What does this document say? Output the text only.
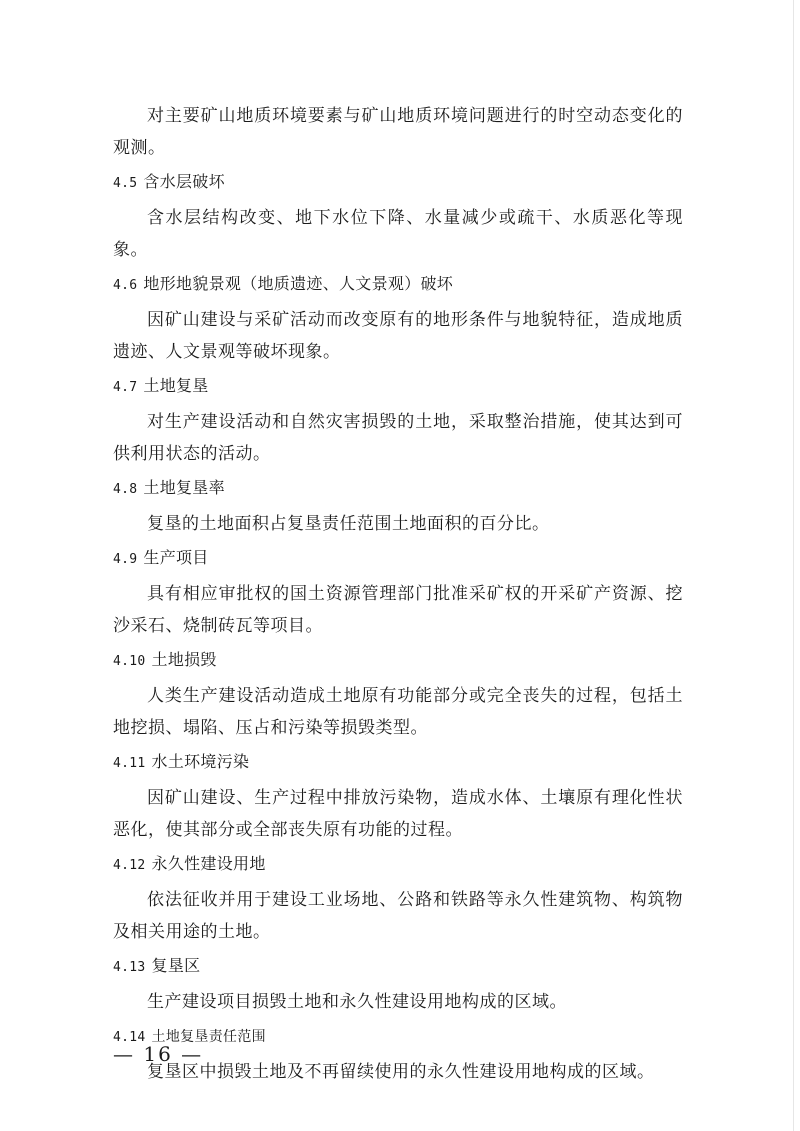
对主要矿山地质环境要素与矿山地质环境问题进行的时空动态变化的观测。

4.5 含水层破坏

含水层结构改变、地下水位下降、水量减少或疏干、水质恶化等现象。

4.6 地形地貌景观（地质遗迹、人文景观）破坏

因矿山建设与采矿活动而改变原有的地形条件与地貌特征，造成地质遗迹、人文景观等破坏现象。

4.7 土地复垦

对生产建设活动和自然灾害损毁的土地，采取整治措施，使其达到可供利用状态的活动。

4.8 土地复垦率

复垦的土地面积占复垦责任范围土地面积的百分比。

4.9 生产项目

具有相应审批权的国土资源管理部门批准采矿权的开采矿产资源、挖沙采石、烧制砖瓦等项目。

4.10 土地损毁

人类生产建设活动造成土地原有功能部分或完全丧失的过程，包括土地挖损、塌陷、压占和污染等损毁类型。

4.11 水土环境污染

因矿山建设、生产过程中排放污染物，造成水体、土壤原有理化性状恶化，使其部分或全部丧失原有功能的过程。

4.12 永久性建设用地

依法征收并用于建设工业场地、公路和铁路等永久性建筑物、构筑物及相关用途的土地。

4.13 复垦区

生产建设项目损毁土地和永久性建设用地构成的区域。

4.14 土地复垦责任范围

复垦区中损毁土地及不再留续使用的永久性建设用地构成的区域。

— 16 —
